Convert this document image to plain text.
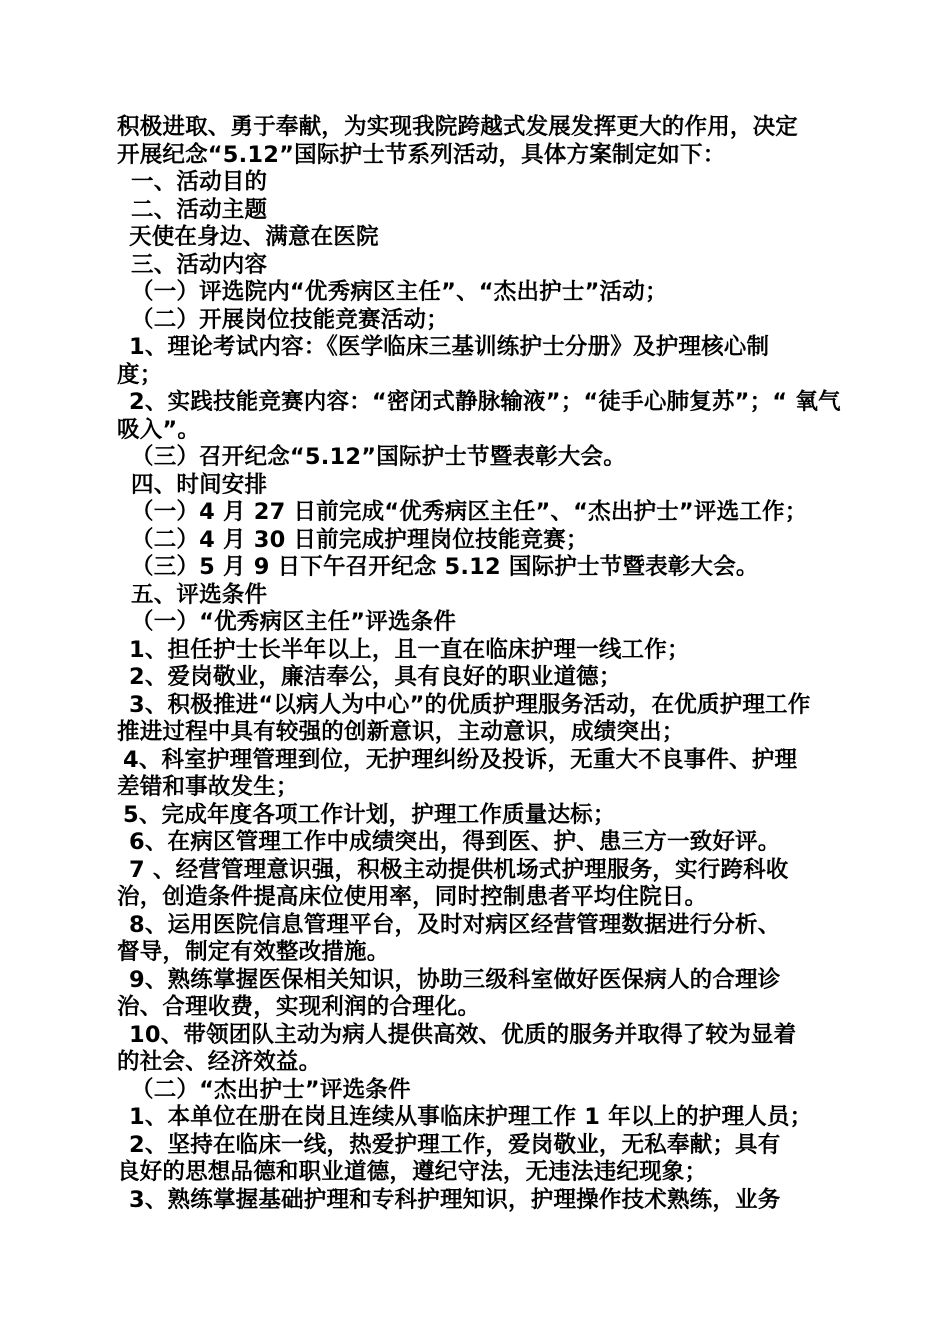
积极进取、勇于奉献，为实现我院跨越式发展发挥更大的作用，决定
开展纪念“5.12”国际护士节系列活动，具体方案制定如下：
一、活动目的
二、活动主题
天使在身边、满意在医院
三、活动内容
（一）评选院内“优秀病区主任”、“杰出护士”活动；
（二）开展岗位技能竞赛活动；
1、理论考试内容：《医学临床三基训练护士分册》及护理核心制
度；
2、实践技能竞赛内容：“密闭式静脉输液”；“徒手心肺复苏”；“ 氧气
吸入”。
（三）召开纪念“5.12”国际护士节暨表彰大会。
四、时间安排
（一）4 月 27 日前完成“优秀病区主任”、“杰出护士”评选工作；
（二）4 月 30 日前完成护理岗位技能竞赛；
（三）5 月 9 日下午召开纪念 5.12 国际护士节暨表彰大会。
五、评选条件
（一）“优秀病区主任”评选条件
1、担任护士长半年以上，且一直在临床护理一线工作；
2、爱岗敬业，廉洁奉公，具有良好的职业道德；
3、积极推进“以病人为中心”的优质护理服务活动，在优质护理工作
推进过程中具有较强的创新意识，主动意识，成绩突出；
4、科室护理管理到位，无护理纠纷及投诉，无重大不良事件、护理
差错和事故发生；
5、完成年度各项工作计划，护理工作质量达标；
6、在病区管理工作中成绩突出，得到医、护、患三方一致好评。
7 、经营管理意识强，积极主动提供机场式护理服务，实行跨科收
治，创造条件提高床位使用率，同时控制患者平均住院日。
8、运用医院信息管理平台，及时对病区经营管理数据进行分析、
督导，制定有效整改措施。
9、熟练掌握医保相关知识，协助三级科室做好医保病人的合理诊
治、合理收费，实现利润的合理化。
10、带领团队主动为病人提供高效、优质的服务并取得了较为显着
的社会、经济效益。
（二）“杰出护士”评选条件
1、本单位在册在岗且连续从事临床护理工作 1 年以上的护理人员；
2、坚持在临床一线，热爱护理工作，爱岗敬业，无私奉献；具有
良好的思想品德和职业道德，遵纪守法，无违法违纪现象；
3、熟练掌握基础护理和专科护理知识，护理操作技术熟练，业务
